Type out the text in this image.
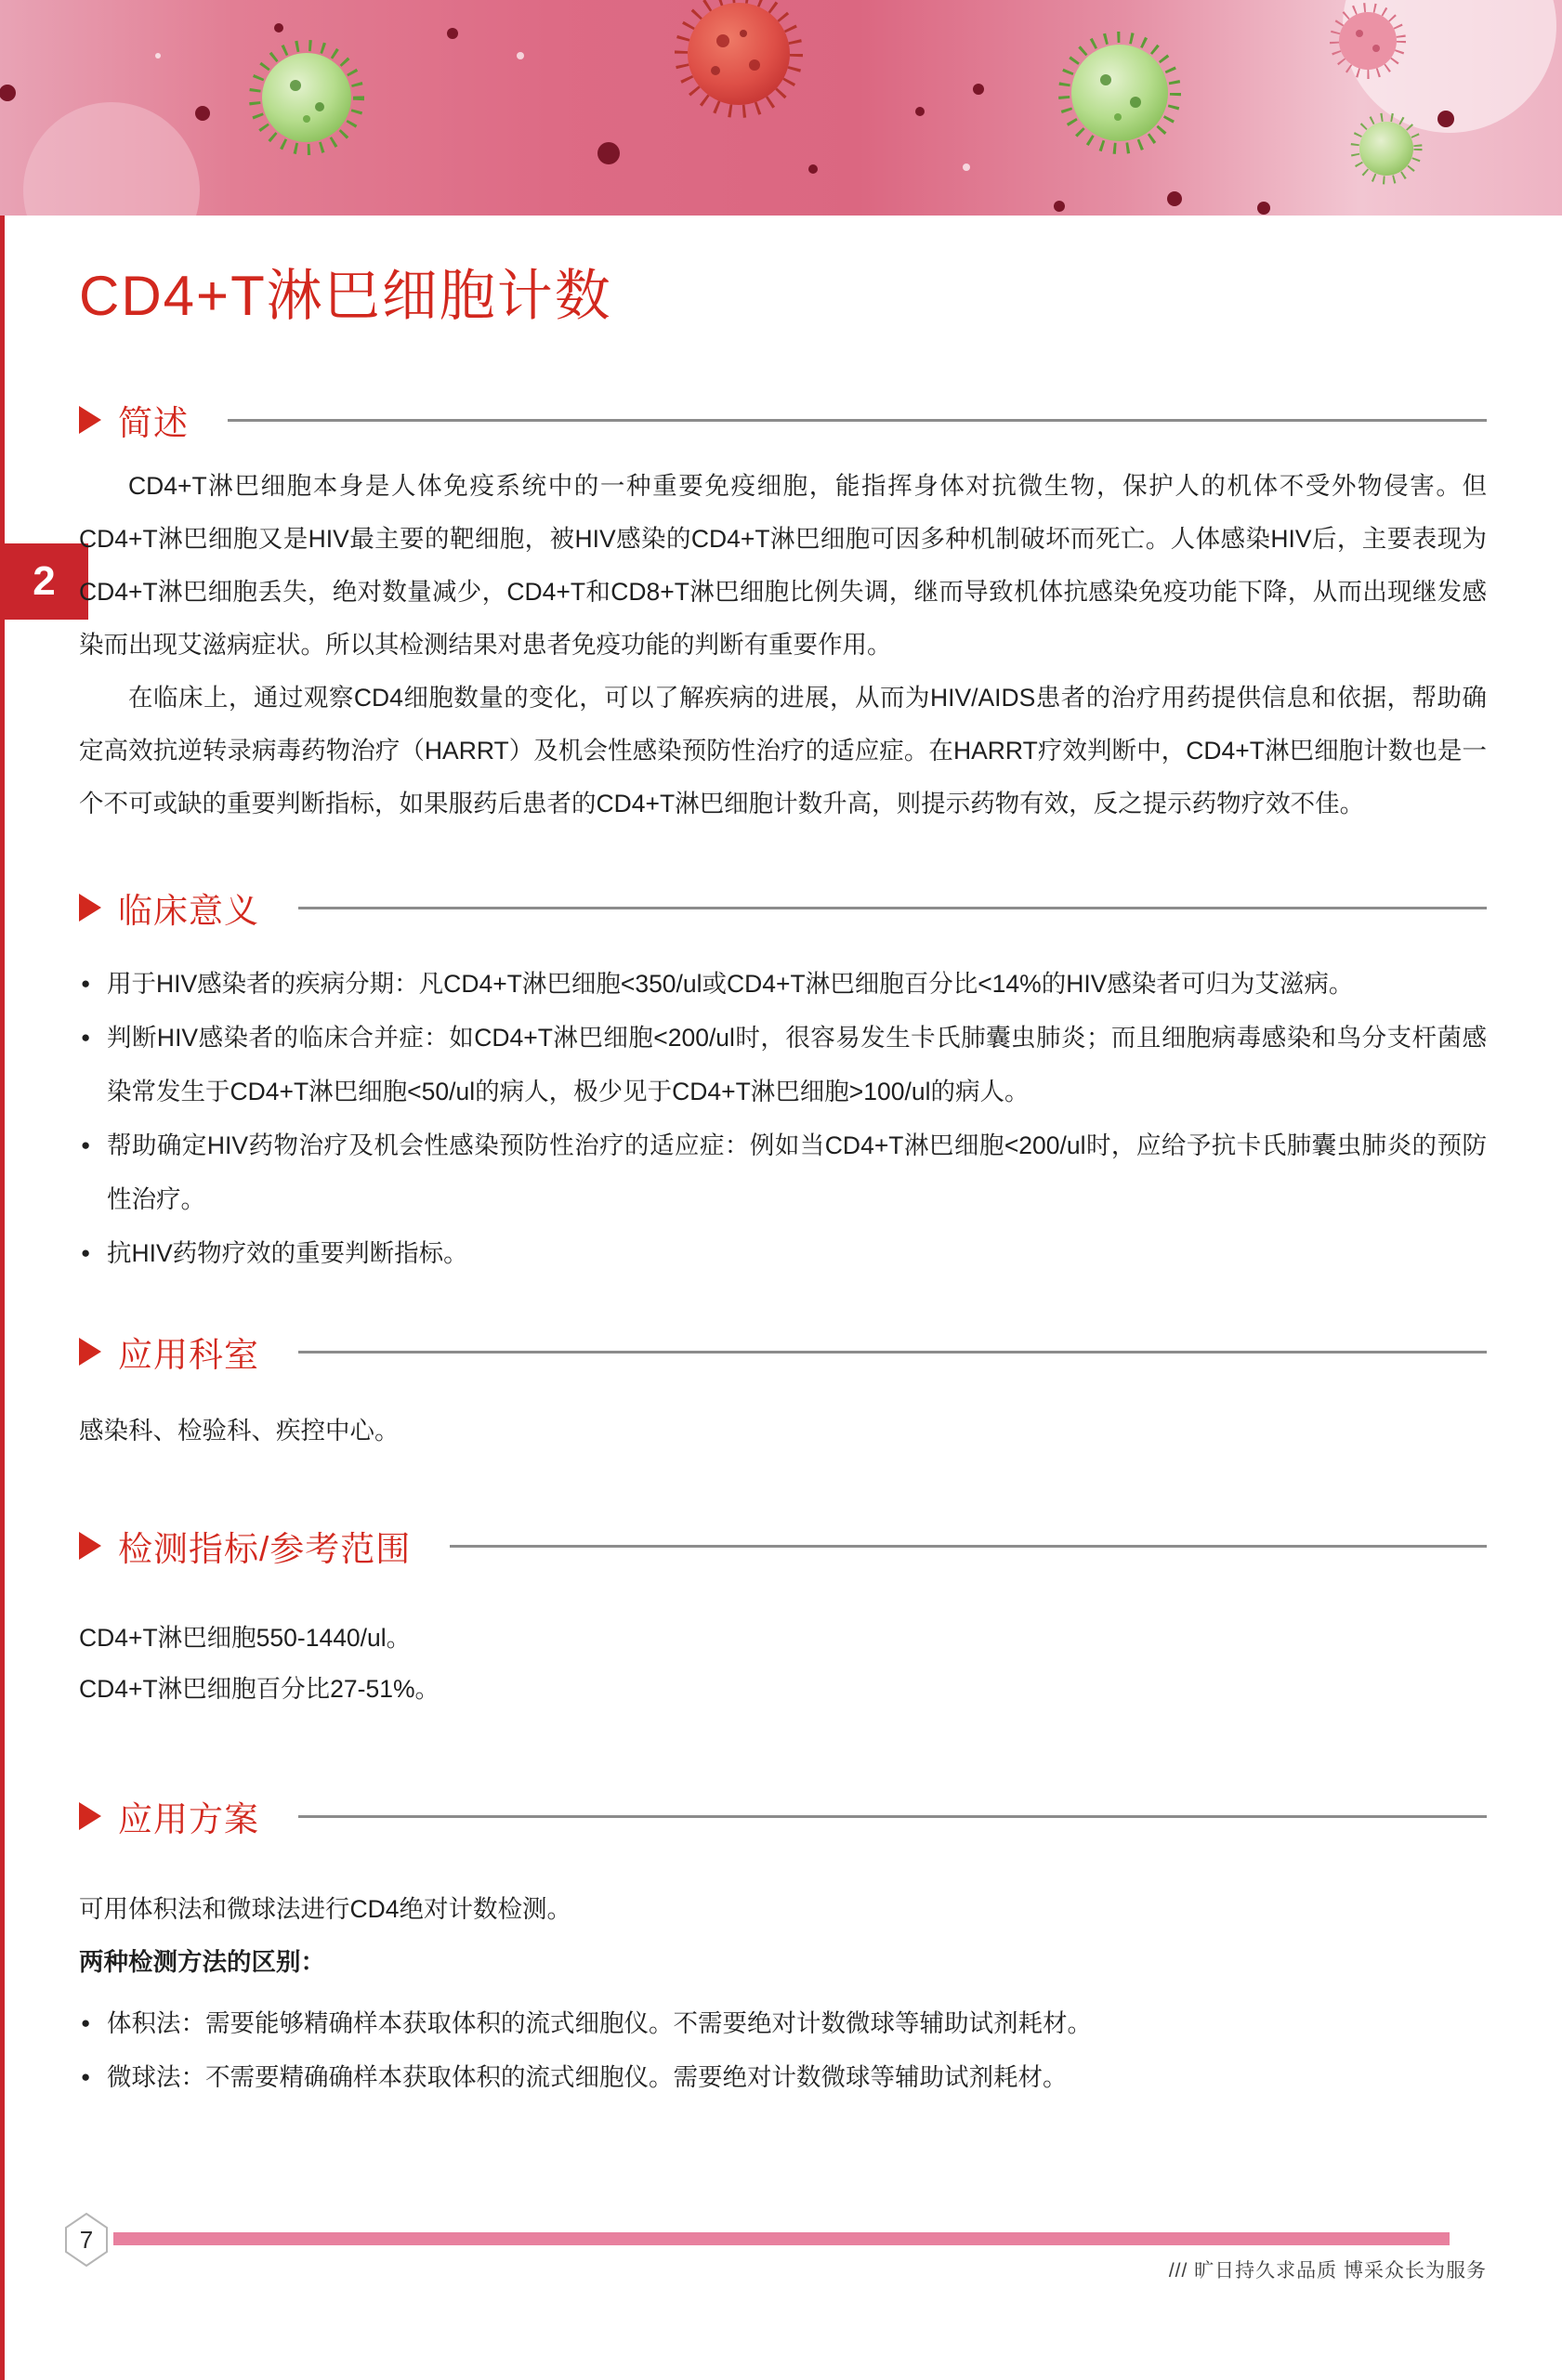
2
CD4+T淋巴细胞计数
简述

CD4+T淋巴细胞本身是人体免疫系统中的一种重要免疫细胞，能指挥身体对抗微生物，保护人的机体不受外物侵害。但CD4+T淋巴细胞又是HIV最主要的靶细胞，被HIV感染的CD4+T淋巴细胞可因多种机制破坏而死亡。人体感染HIV后，主要表现为CD4+T淋巴细胞丢失，绝对数量减少，CD4+T和CD8+T淋巴细胞比例失调，继而导致机体抗感染免疫功能下降，从而出现继发感染而出现艾滋病症状。所以其检测结果对患者免疫功能的判断有重要作用。

在临床上，通过观察CD4细胞数量的变化，可以了解疾病的进展，从而为HIV/AIDS患者的治疗用药提供信息和依据，帮助确定高效抗逆转录病毒药物治疗（HARRT）及机会性感染预防性治疗的适应症。在HARRT疗效判断中，CD4+T淋巴细胞计数也是一个不可或缺的重要判断指标，如果服药后患者的CD4+T淋巴细胞计数升高，则提示药物有效，反之提示药物疗效不佳。

临床意义
● 用于HIV感染者的疾病分期：凡CD4+T淋巴细胞<350/ul或CD4+T淋巴细胞百分比<14%的HIV感染者可归为艾滋病。
● 判断HIV感染者的临床合并症：如CD4+T淋巴细胞<200/ul时，很容易发生卡氏肺囊虫肺炎；而且细胞病毒感染和鸟分支杆菌感染常发生于CD4+T淋巴细胞<50/ul的病人，极少见于CD4+T淋巴细胞>100/ul的病人。
● 帮助确定HIV药物治疗及机会性感染预防性治疗的适应症：例如当CD4+T淋巴细胞<200/ul时，应给予抗卡氏肺囊虫肺炎的预防性治疗。
● 抗HIV药物疗效的重要判断指标。
应用科室

感染科、检验科、疾控中心。

检测指标/参考范围

CD4+T淋巴细胞550-1440/ul。

CD4+T淋巴细胞百分比27-51%。

应用方案

可用体积法和微球法进行CD4绝对计数检测。

两种检测方法的区别：

● 体积法：需要能够精确样本获取体积的流式细胞仪。不需要绝对计数微球等辅助试剂耗材。
● 微球法：不需要精确确样本获取体积的流式细胞仪。需要绝对计数微球等辅助试剂耗材。
7
/// 旷日持久求品质 博采众长为服务
